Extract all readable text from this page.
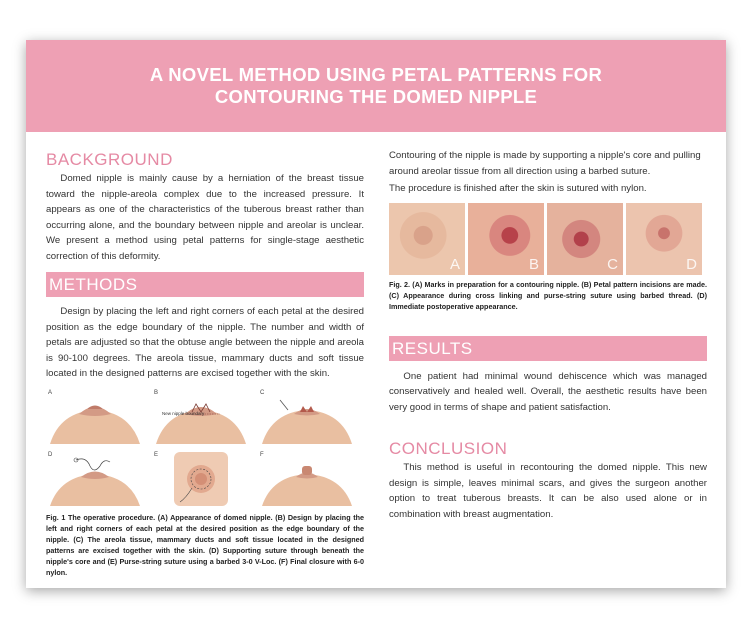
A NOVEL METHOD USING PETAL PATTERNS FOR CONTOURING THE DOMED NIPPLE
BACKGROUND

Domed nipple is mainly cause by a herniation of the breast tissue toward the nipple-areola complex due to the increased pressure. It appears as one of the characteristics of the tuberous breast rather than occurring alone, and the boundary between nipple and areolar is unclear. We present a method using petal patterns for single-stage aesthetic correction of this deformity.

METHODS

Design by placing the left and right corners of each petal at the desired position as the edge boundary of the nipple. The number and width of petals are adjusted so that the obtuse angle between the nipple and areola is 90-100 degrees. The areola tissue, mammary ducts and soft tissue located in the designed patterns are excised together with the skin.

A	B
New nipple boundary
C
D	E	F

Fig. 1 The operative procedure. (A) Appearance of domed nipple. (B) Design by placing the left and right corners of each petal at the desired position as the edge boundary of the nipple. (C) The areola tissue, mammary ducts and soft tissue located in the designed patterns are excised together with the skin. (D) Supporting suture through beneath the nipple's core and (E) Purse-string suture using a barbed 3-0 V-Loc. (F) Final closure with 6-0 nylon.

Contouring of the nipple is made by supporting a nipple's core and pulling around areolar tissue from all direction using a barbed suture.

The procedure is finished after the skin is sutured with nylon.

A	B	C	D

Fig. 2. (A) Marks in preparation for a contouring nipple. (B) Petal pattern incisions are made. (C) Appearance during cross linking and purse-string suture using barbed thread. (D) Immediate postoperative appearance.

RESULTS

One patient had minimal wound dehiscence which was managed conservatively and healed well. Overall, the aesthetic results have been very good in terms of shape and patient satisfaction.

CONCLUSION

This method is useful in recontouring the domed nipple. This new design is simple, leaves minimal scars, and gives the surgeon another option to treat tuberous breasts. It can be also used alone or in combination with breast augmentation.
